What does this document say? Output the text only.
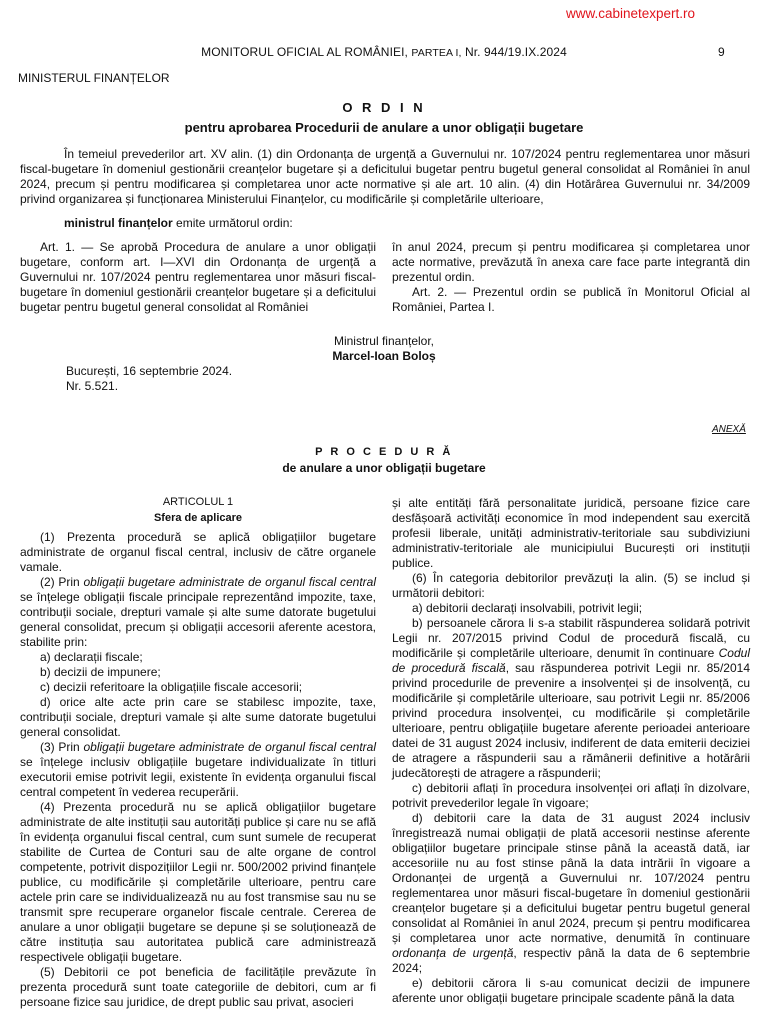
www.cabinetexpert.ro
MONITORUL OFICIAL AL ROMÂNIEI, PARTEA I, Nr. 944/19.IX.2024	9
MINISTERUL FINANȚELOR
O R D I N
pentru aprobarea Procedurii de anulare a unor obligații bugetare

În temeiul prevederilor art. XV alin. (1) din Ordonanța de urgență a Guvernului nr. 107/2024 pentru reglementarea unor măsuri fiscal-bugetare în domeniul gestionării creanțelor bugetare și a deficitului bugetar pentru bugetul general consolidat al României în anul 2024, precum și pentru modificarea și completarea unor acte normative și ale art. 10 alin. (4) din Hotărârea Guvernului nr. 34/2009 privind organizarea și funcționarea Ministerului Finanțelor, cu modificările și completările ulterioare,

ministrul finanțelor emite următorul ordin:

Art. 1. — Se aprobă Procedura de anulare a unor obligații bugetare, conform art. I—XVI din Ordonanța de urgență a Guvernului nr. 107/2024 pentru reglementarea unor măsuri fiscal-bugetare în domeniul gestionării creanțelor bugetare și a deficitului bugetar pentru bugetul general consolidat al României

în anul 2024, precum și pentru modificarea și completarea unor acte normative, prevăzută în anexa care face parte integrantă din prezentul ordin.

Art. 2. — Prezentul ordin se publică în Monitorul Oficial al României, Partea I.

Ministrul finanțelor,
Marcel-Ioan Boloș
București, 16 septembrie 2024.
Nr. 5.521.
ANEXĂ
P R O C E D U R Ă
de anulare a unor obligații bugetare
ARTICOLUL 1
Sfera de aplicare

(1) Prezenta procedură se aplică obligațiilor bugetare administrate de organul fiscal central, inclusiv de către organele vamale.

(2) Prin obligații bugetare administrate de organul fiscal central se înțelege obligații fiscale principale reprezentând impozite, taxe, contribuții sociale, drepturi vamale și alte sume datorate bugetului general consolidat, precum și obligații accesorii aferente acestora, stabilite prin:

a) declarații fiscale;

b) decizii de impunere;

c) decizii referitoare la obligațiile fiscale accesorii;

d) orice alte acte prin care se stabilesc impozite, taxe, contribuții sociale, drepturi vamale și alte sume datorate bugetului general consolidat.

(3) Prin obligații bugetare administrate de organul fiscal central se înțelege inclusiv obligațiile bugetare individualizate în titluri executorii emise potrivit legii, existente în evidența organului fiscal central competent în vederea recuperării.

(4) Prezenta procedură nu se aplică obligațiilor bugetare administrate de alte instituții sau autorități publice și care nu se află în evidența organului fiscal central, cum sunt sumele de recuperat stabilite de Curtea de Conturi sau de alte organe de control competente, potrivit dispozițiilor Legii nr. 500/2002 privind finanțele publice, cu modificările și completările ulterioare, pentru care actele prin care se individualizează nu au fost transmise sau nu se transmit spre recuperare organelor fiscale centrale. Cererea de anulare a unor obligații bugetare se depune și se soluționează de către instituția sau autoritatea publică care administrează respectivele obligații bugetare.

(5) Debitorii ce pot beneficia de facilitățile prevăzute în prezenta procedură sunt toate categoriile de debitori, cum ar fi persoane fizice sau juridice, de drept public sau privat, asocieri

și alte entități fără personalitate juridică, persoane fizice care desfășoară activități economice în mod independent sau exercită profesii liberale, unități administrativ-teritoriale sau subdiviziuni administrativ-teritoriale ale municipiului București ori instituții publice.

(6) În categoria debitorilor prevăzuți la alin. (5) se includ și următorii debitori:

a) debitorii declarați insolvabili, potrivit legii;

b) persoanele cărora li s-a stabilit răspunderea solidară potrivit Legii nr. 207/2015 privind Codul de procedură fiscală, cu modificările și completările ulterioare, denumit în continuare Codul de procedură fiscală, sau răspunderea potrivit Legii nr. 85/2014 privind procedurile de prevenire a insolvenței și de insolvență, cu modificările și completările ulterioare, sau potrivit Legii nr. 85/2006 privind procedura insolvenței, cu modificările și completările ulterioare, pentru obligațiile bugetare aferente perioadei anterioare datei de 31 august 2024 inclusiv, indiferent de data emiterii deciziei de atragere a răspunderii sau a rămânerii definitive a hotărârii judecătorești de atragere a răspunderii;

c) debitorii aflați în procedura insolvenței ori aflați în dizolvare, potrivit prevederilor legale în vigoare;

d) debitorii care la data de 31 august 2024 inclusiv înregistrează numai obligații de plată accesorii nestinse aferente obligațiilor bugetare principale stinse până la această dată, iar accesoriile nu au fost stinse până la data intrării în vigoare a Ordonanței de urgență a Guvernului nr. 107/2024 pentru reglementarea unor măsuri fiscal-bugetare în domeniul gestionării creanțelor bugetare și a deficitului bugetar pentru bugetul general consolidat al României în anul 2024, precum și pentru modificarea și completarea unor acte normative, denumită în continuare ordonanța de urgență, respectiv până la data de 6 septembrie 2024;

e) debitorii cărora li s-au comunicat decizii de impunere aferente unor obligații bugetare principale scadente până la data
